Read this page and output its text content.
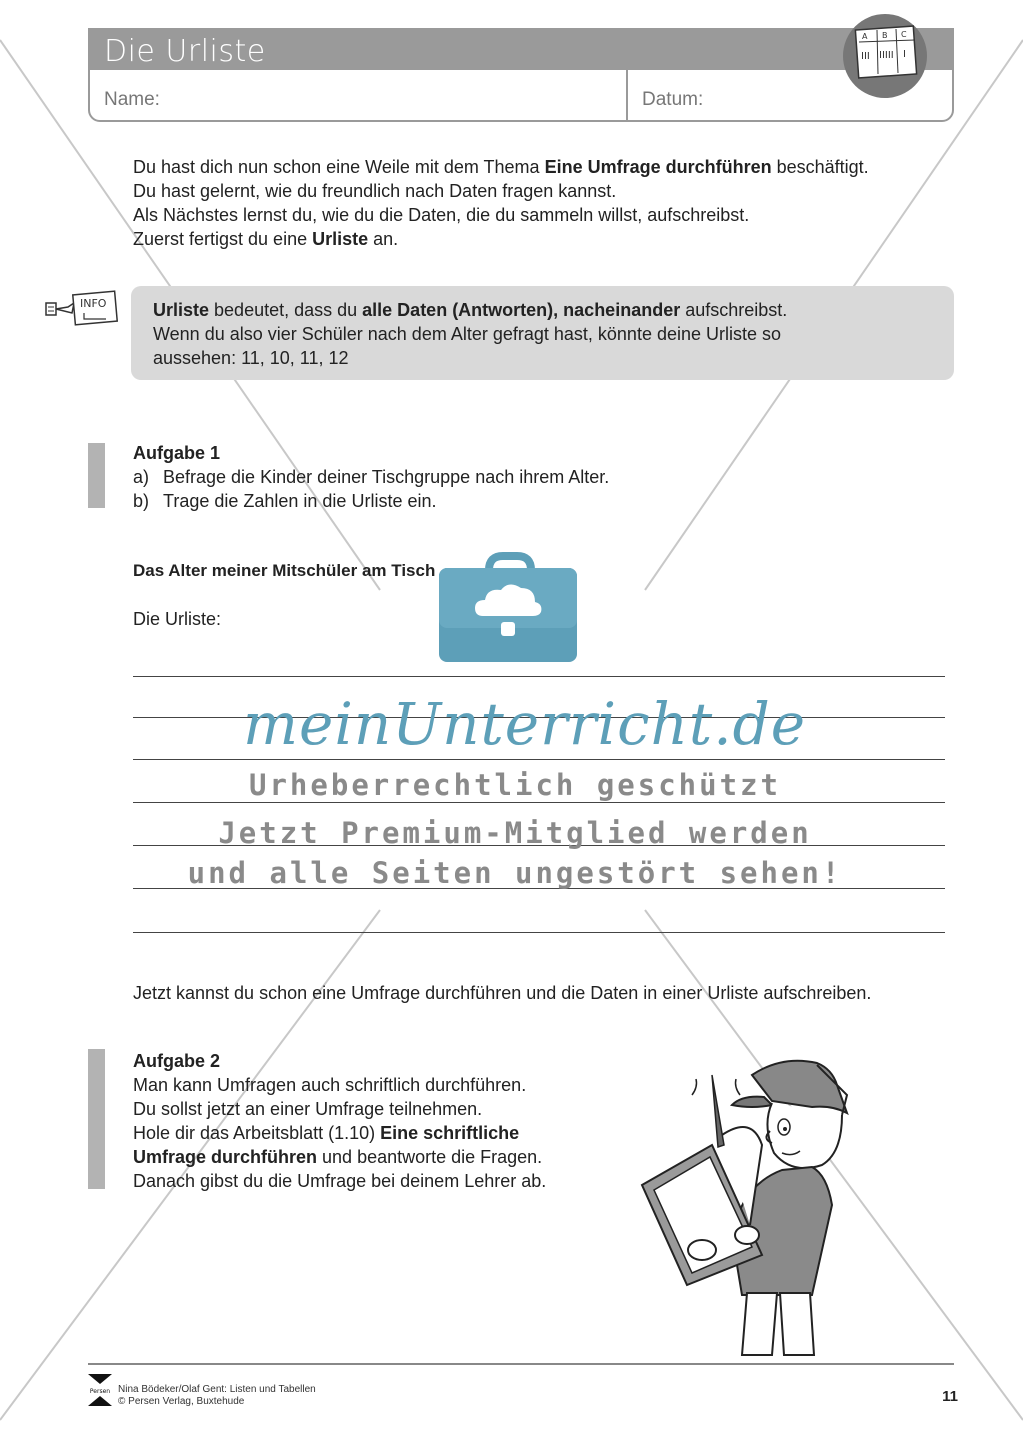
Die Urliste
Name:	Datum:
A B C
III IIIII I
Du hast dich nun schon eine Weile mit dem Thema Eine Umfrage durchführen beschäftigt.
Du hast gelernt, wie du freundlich nach Daten fragen kannst.
Als Nächstes lernst du, wie du die Daten, die du sammeln willst, aufschreibst.
Zuerst fertigst du eine Urliste an.
INFO	Urliste bedeutet, dass du alle Daten (Antworten), nacheinander aufschreibst.
Wenn du also vier Schüler nach dem Alter gefragt hast, könnte deine Urliste so
aussehen: 11, 10, 11, 12
Aufgabe 1
a) Befrage die Kinder deiner Tischgruppe nach ihrem Alter.
b) Trage die Zahlen in die Urliste ein.
Das Alter meiner Mitschüler am Tisch
Die Urliste:
meinUnterricht.de
Urheberrechtlich geschützt
Jetzt Premium-Mitglied werden
und alle Seiten ungestört sehen!
Jetzt kannst du schon eine Umfrage durchführen und die Daten in einer Urliste aufschreiben.
Aufgabe 2
Man kann Umfragen auch schriftlich durchführen.
Du sollst jetzt an einer Umfrage teilnehmen.
Hole dir das Arbeitsblatt (1.10) Eine schriftliche
Umfrage durchführen und beantworte die Fragen.
Danach gibst du die Umfrage bei deinem Lehrer ab.
Persen Nina Bödeker/Olaf Gent: Listen und Tabellen
© Persen Verlag, Buxtehude	11
